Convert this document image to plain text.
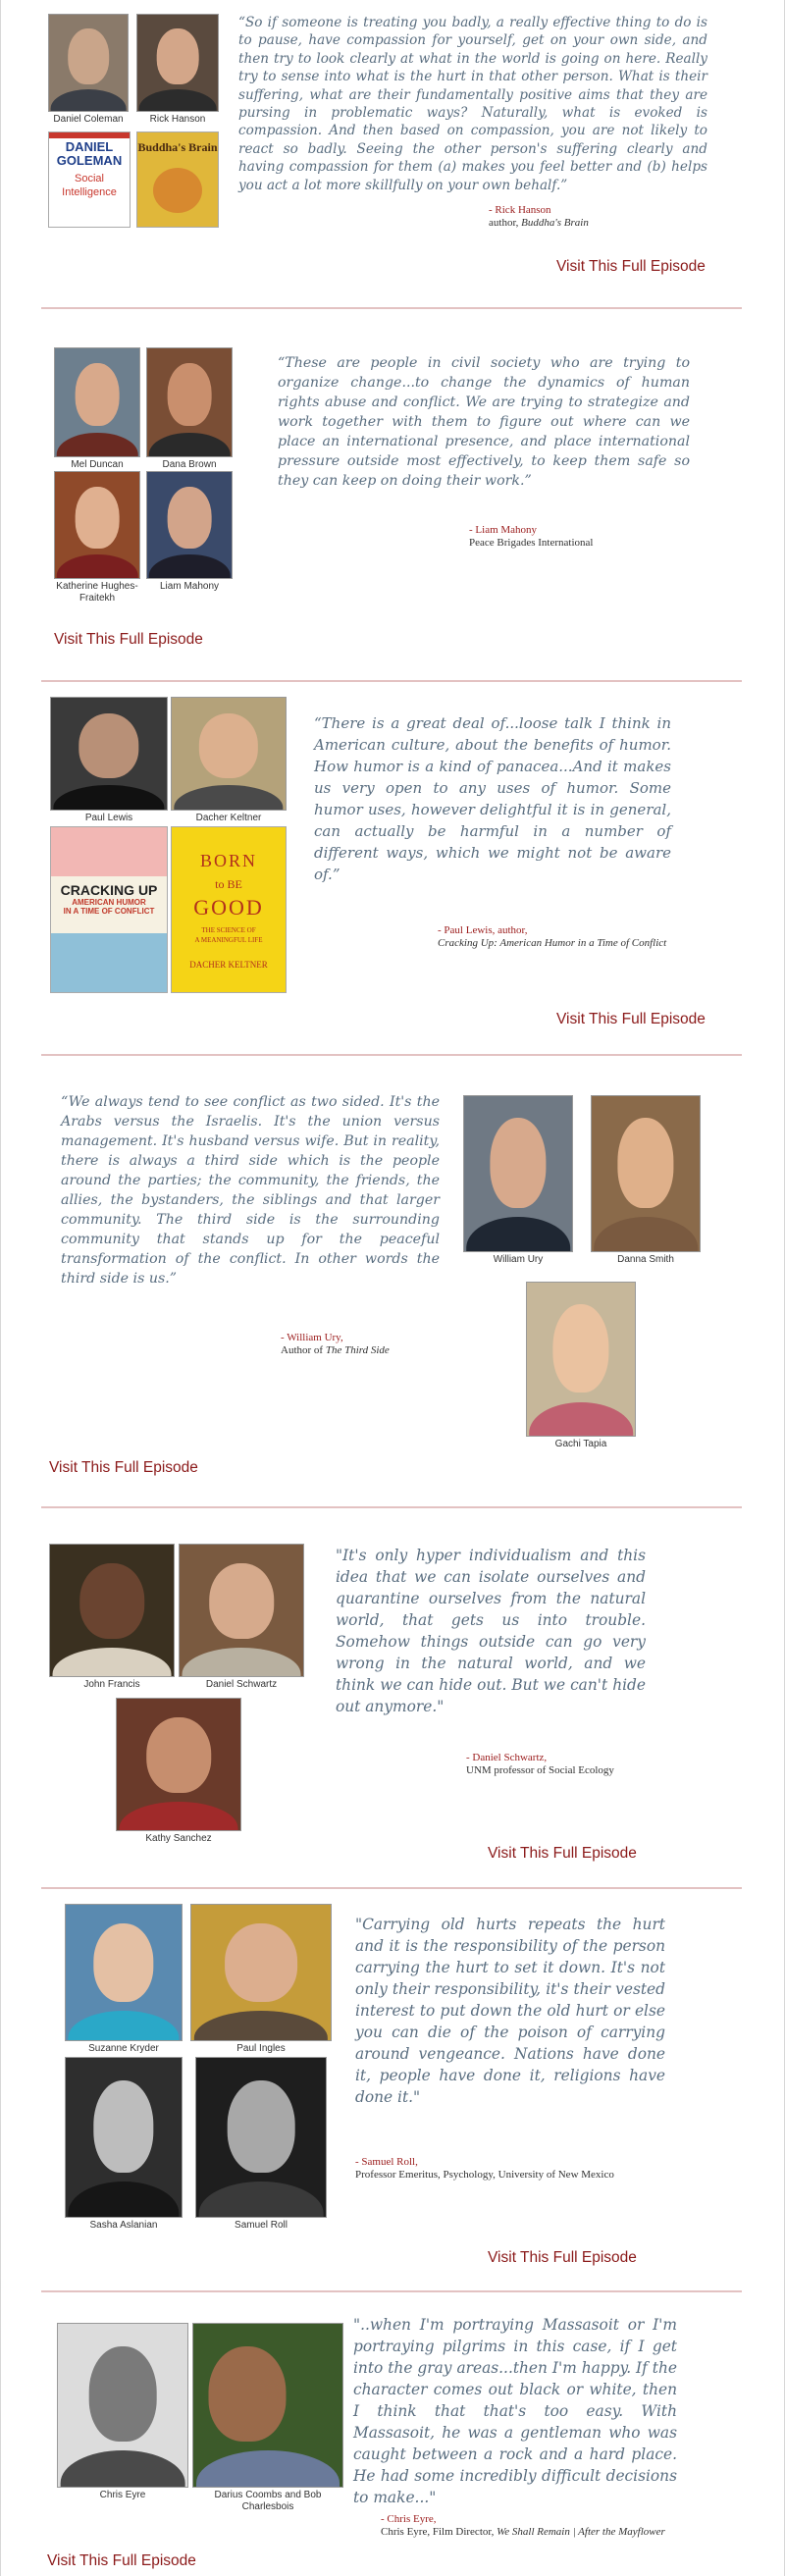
Daniel Coleman	Rick Hanson
DANIEL
GOLEMAN
Social
Intelligence
Buddha's Brain

“So if someone is treating you badly, a really effective thing to do is to pause, have compassion for yourself, get on your own side, and then try to look clearly at what in the world is going on here. Really try to sense into what is the hurt in that other person. What is their suffering, what are their fundamentally positive aims that they are pursing in problematic ways? Naturally, what is evoked is compassion. And then based on compassion, you are not likely to react so badly. Seeing the other person's suffering clearly and having compassion for them (a) makes you feel better and (b) helps you act a lot more skillfully on your own behalf.”

- Rick Hanson
author, Buddha's Brain
Visit This Full Episode
Mel Duncan	Dana Brown
Katherine Hughes-Fraitekh
Liam Mahony

“These are people in civil society who are trying to organize change...to change the dynamics of human rights abuse and conflict. We are trying to strategize and work together with them to figure out where can we place an international presence, and place international pressure outside most effectively, to keep them safe so they can keep on doing their work.”

- Liam Mahony
Peace Brigades International
Visit This Full Episode
Paul Lewis	Dacher Keltner
CRACKING UP
AMERICAN HUMOR
IN A TIME OF CONFLICT
BORN
to BE
GOOD
THE SCIENCE OF
A MEANINGFUL LIFE
DACHER KELTNER

“There is a great deal of...loose talk I think in American culture, about the benefits of humor. How humor is a kind of panacea...And it makes us very open to any uses of humor. Some humor uses, however delightful it is in general, can actually be harmful in a number of different ways, which we might not be aware of.”

- Paul Lewis, author,
Cracking Up: American Humor in a Time of Conflict
Visit This Full Episode

“We always tend to see conflict as two sided. It's the Arabs versus the Israelis. It's the union versus management. It's husband versus wife. But in reality, there is always a third side which is the people around the parties; the community, the friends, the allies, the bystanders, the siblings and that larger community. The third side is the surrounding community that stands up for the peaceful transformation of the conflict. In other words the third side is us.”

- William Ury,
Author of The Third Side
William Ury	Danna Smith
Gachi Tapia
Visit This Full Episode
John Francis	Daniel Schwartz
Kathy Sanchez

"It's only hyper individualism and this idea that we can isolate ourselves and quarantine ourselves from the natural world, that gets us into trouble. Somehow things outside can go very wrong in the natural world, and we think we can hide out. But we can't hide out anymore."

- Daniel Schwartz,
UNM professor of Social Ecology
Visit This Full Episode
Suzanne Kryder	Paul Ingles
Sasha Aslanian	Samuel Roll

"Carrying old hurts repeats the hurt and it is the responsibility of the person carrying the hurt to set it down. It's not only their responsibility, it's their vested interest to put down the old hurt or else you can die of the poison of carrying around vengeance. Nations have done it, people have done it, religions have done it."

- Samuel Roll,
Professor Emeritus, Psychology, University of New Mexico
Visit This Full Episode
Chris Eyre	Darius Coombs and Bob Charlesbois

"..when I'm portraying Massasoit or I'm portraying pilgrims in this case, if I get into the gray areas...then I'm happy. If the character comes out black or white, then I think that that's too easy. With Massasoit, he was a gentleman who was caught between a rock and a hard place. He had some incredibly difficult decisions to make..."

- Chris Eyre,
Chris Eyre, Film Director, We Shall Remain | After the Mayflower
Visit This Full Episode
